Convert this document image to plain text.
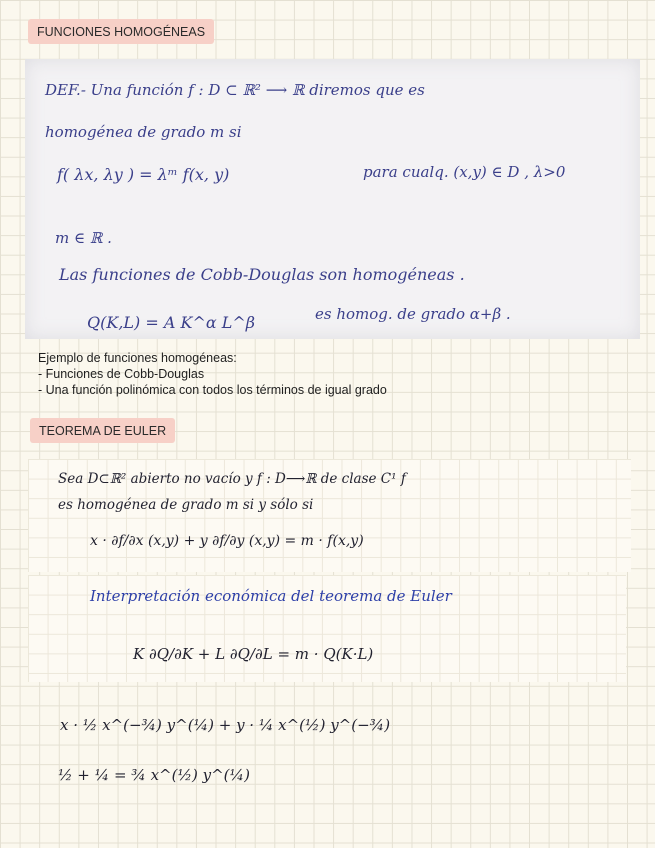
FUNCIONES HOMOGÉNEAS
DEF.- Una función f : D ⊂ ℝ² ⟶ ℝ diremos que es
homogénea de grado m si
f( λx, λy ) = λᵐ f(x, y)	para cualq. (x,y) ∈ D , λ>0
m ∈ ℝ .
Las funciones de Cobb-Douglas son homogéneas .
Q(K,L) = A K^α L^β	es homog. de grado α+β .
Ejemplo de funciones homogéneas:
- Funciones de Cobb-Douglas
- Una función polinómica con todos los términos de igual grado
TEOREMA DE EULER
Sea D⊂ℝ² abierto no vacío y f : D⟶ℝ de clase C¹ f
es homogénea de grado m si y sólo si
x · ∂f/∂x (x,y) + y ∂f/∂y (x,y) = m · f(x,y)
Interpretación económica del teorema de Euler
K ∂Q/∂K + L ∂Q/∂L = m · Q(K·L)
x · ½ x^(−¾) y^(¼) + y · ¼ x^(½) y^(−¾)
½ + ¼ = ¾ x^(½) y^(¼)
